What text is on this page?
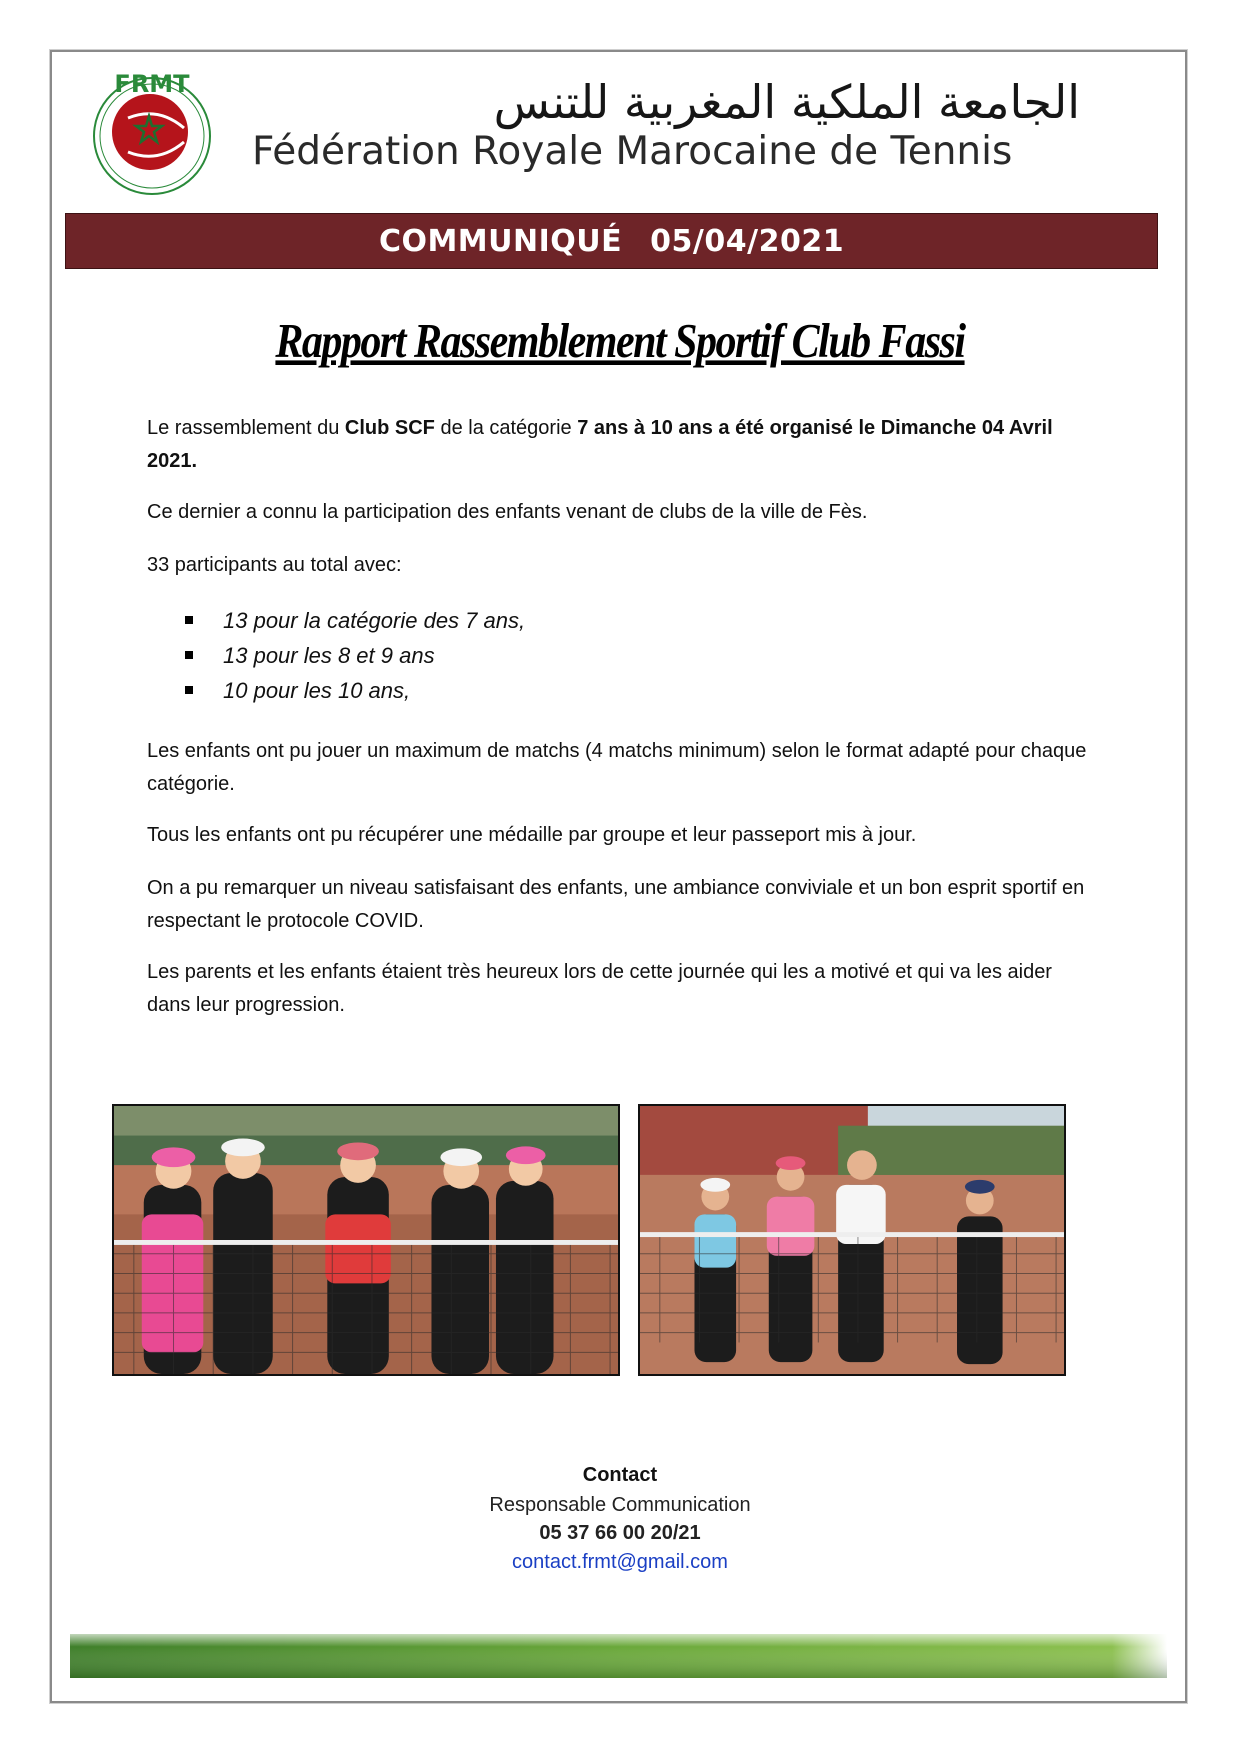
FRMT	الجامعة الملكية المغربية للتنس
Fédération Royale Marocaine de Tennis
COMMUNIQUÉ 05/04/2021
Rapport Rassemblement Sportif Club Fassi

Le rassemblement du Club SCF de la catégorie 7 ans à 10 ans a été organisé le Dimanche 04 Avril 2021.

Ce dernier a connu la participation des enfants venant de clubs de la ville de Fès.

33 participants au total avec:

13 pour la catégorie des 7 ans,
13 pour les 8 et 9 ans
10 pour les 10 ans,

Les enfants ont pu jouer un maximum de matchs (4 matchs minimum) selon le format adapté pour chaque catégorie.

Tous les enfants ont pu récupérer une médaille par groupe et leur passeport mis à jour.

On a pu remarquer un niveau satisfaisant des enfants, une ambiance conviviale et un bon esprit sportif en respectant le protocole COVID.

Les parents et les enfants étaient très heureux lors de cette journée qui les a motivé et qui va les aider dans leur progression.

Contact
Responsable Communication
05 37 66 00 20/21
contact.frmt@gmail.com
